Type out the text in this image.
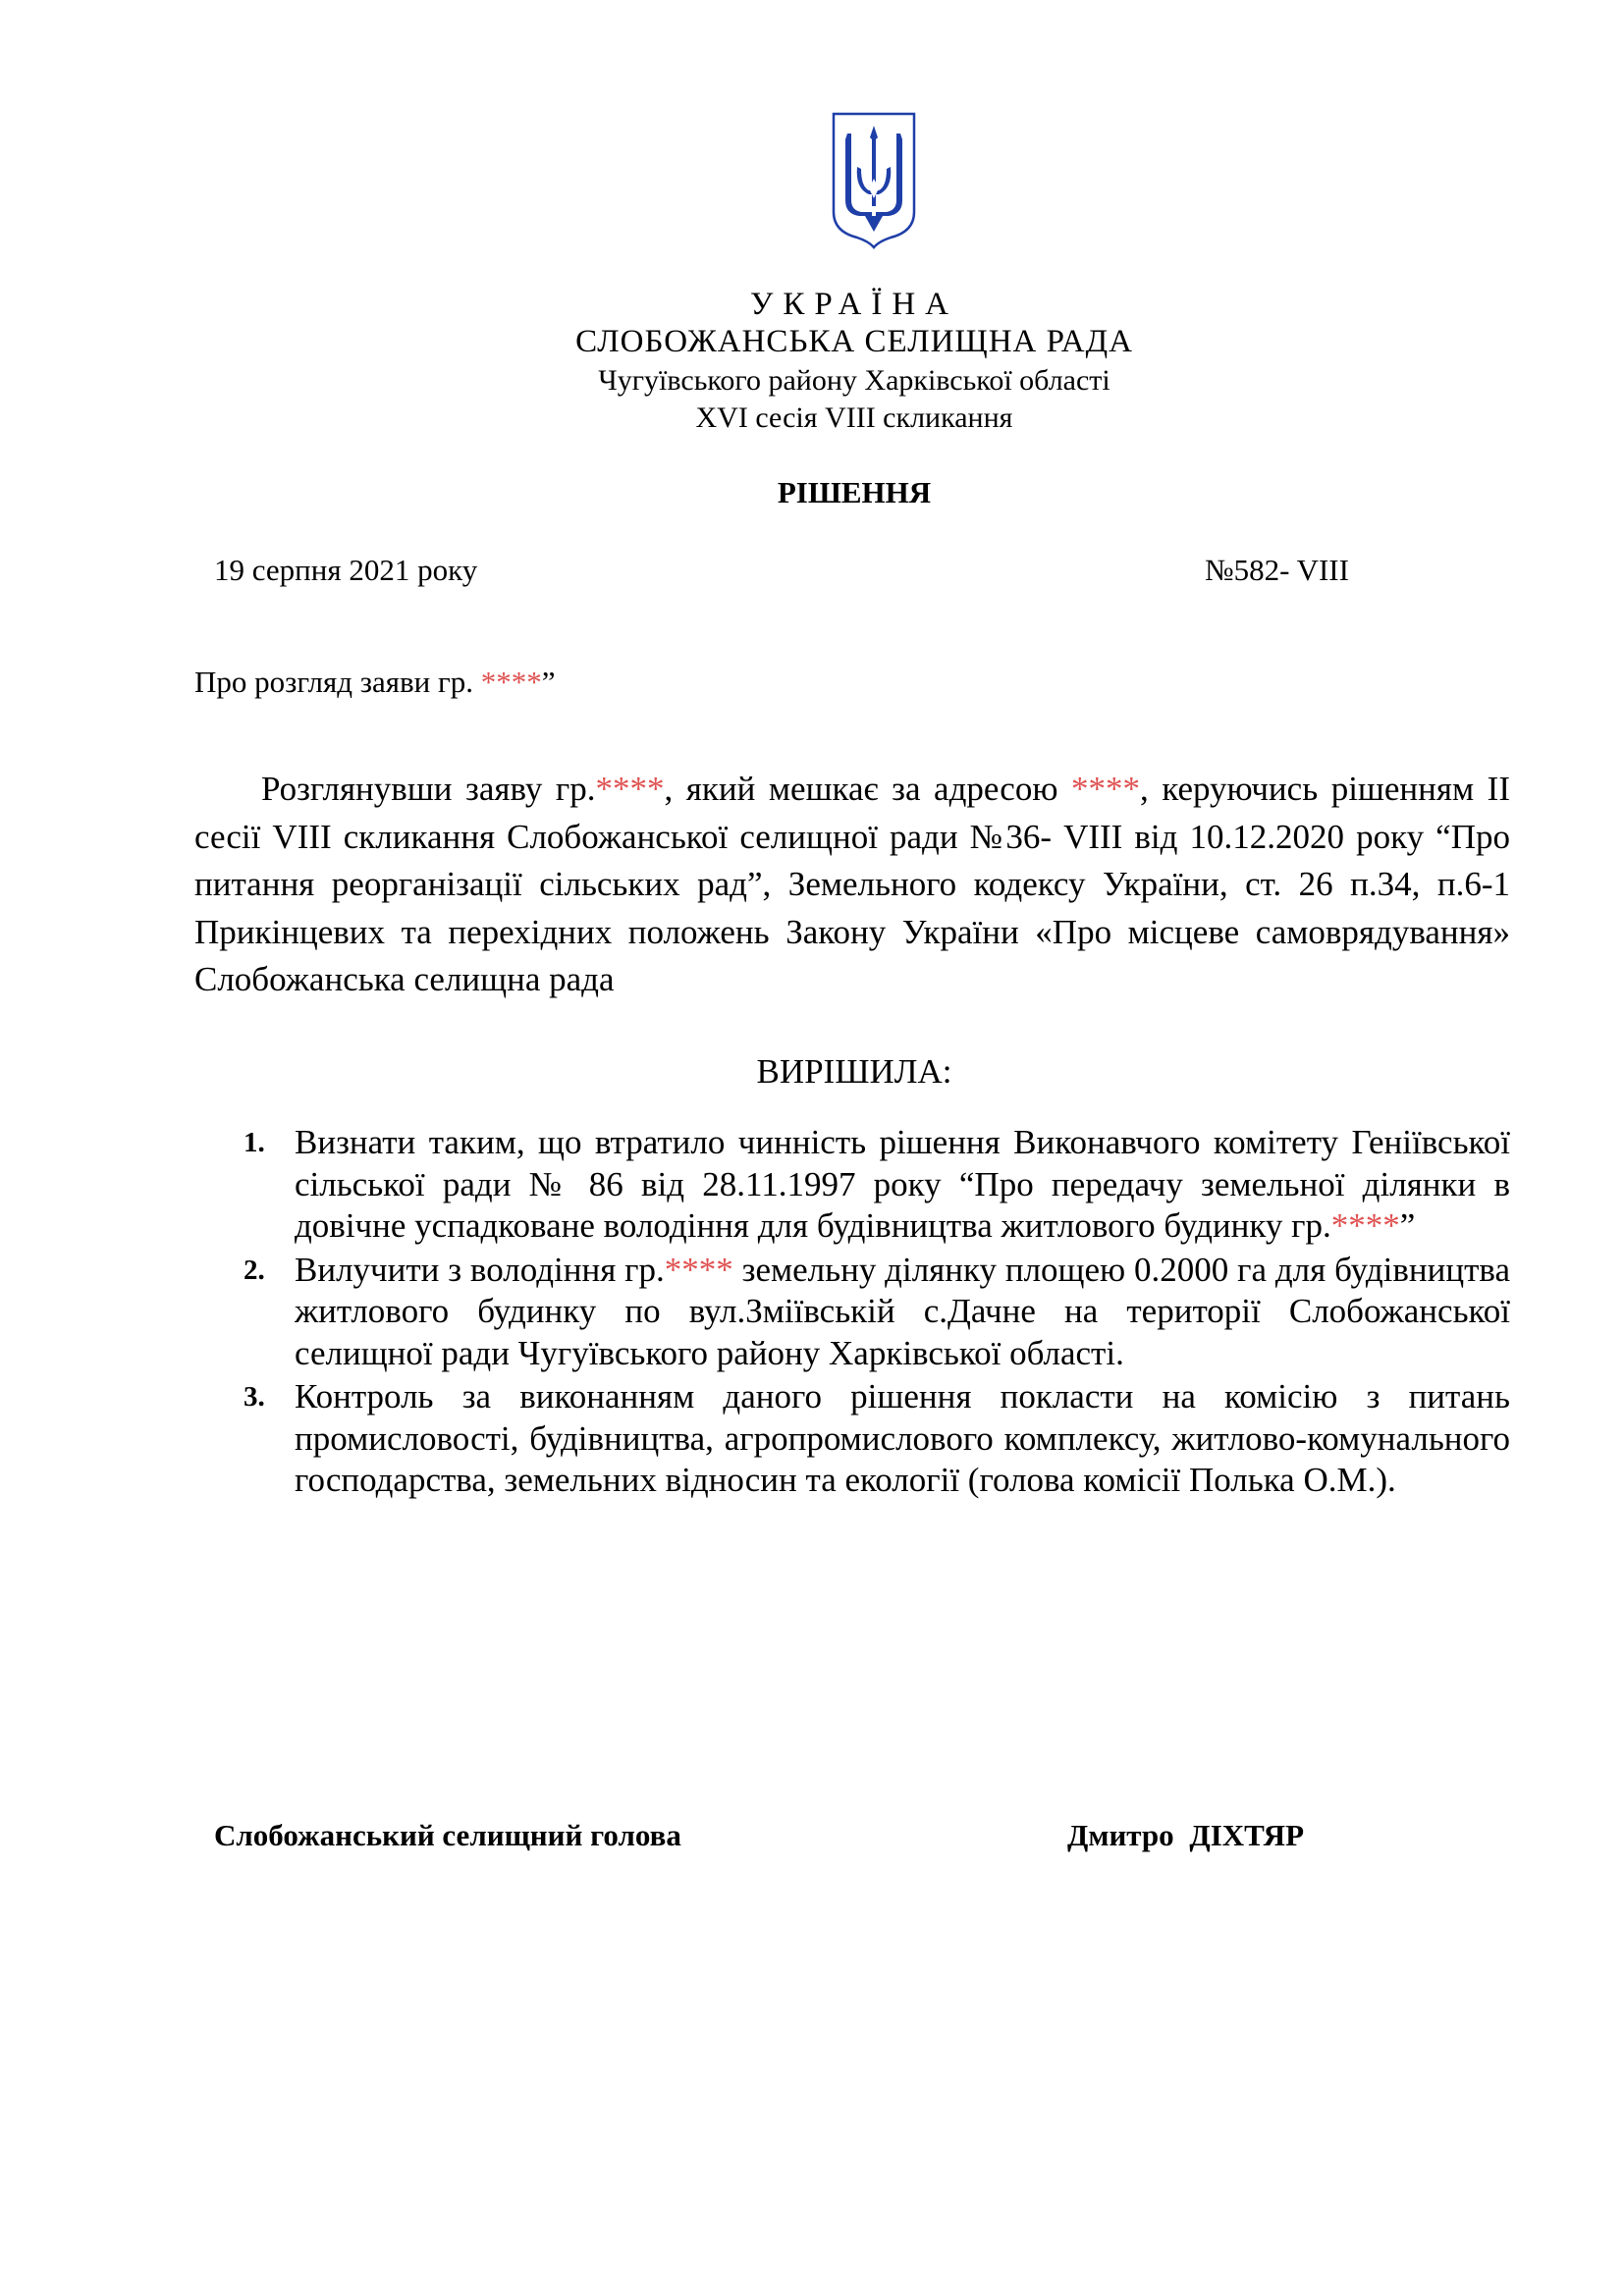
УКРАЇНА
СЛОБОЖАНСЬКА СЕЛИЩНА РАДА
Чугуївського району Харківської області
XVI сесія VIII скликання
РІШЕННЯ
19 серпня 2021 року	№582- VIII
Про розгляд заяви гр. ****”

Розглянувши заяву гр.****, який мешкає за адресою ****, керуючись рішенням ІІ сесії VIII скликання Слобожанської селищної ради №36- VIII від 10.12.2020 року “Про питання реорганізації сільських рад”, Земельного кодексу України, ст. 26 п.34, п.6-1 Прикінцевих та перехідних положень Закону України «Про місцеве самоврядування» Слобожанська селищна рада

ВИРІШИЛА:
1. Визнати таким, що втратило чинність рішення Виконавчого комітету Геніївської сільської ради № 86 від 28.11.1997 року “Про передачу земельної ділянки в довічне успадковане володіння для будівництва житлового будинку гр.****”
2. Вилучити з володіння гр.**** земельну ділянку площею 0.2000 га для будівництва житлового будинку по вул.Зміївській с.Дачне на території Слобожанської селищної ради Чугуївського району Харківської області.
3. Контроль за виконанням даного рішення покласти на комісію з питань промисловості, будівництва, агропромислового комплексу, житлово-комунального господарства, земельних відносин та екології (голова комісії Полька О.М.).
Слобожанський селищний голова	Дмитро ДІХТЯР
